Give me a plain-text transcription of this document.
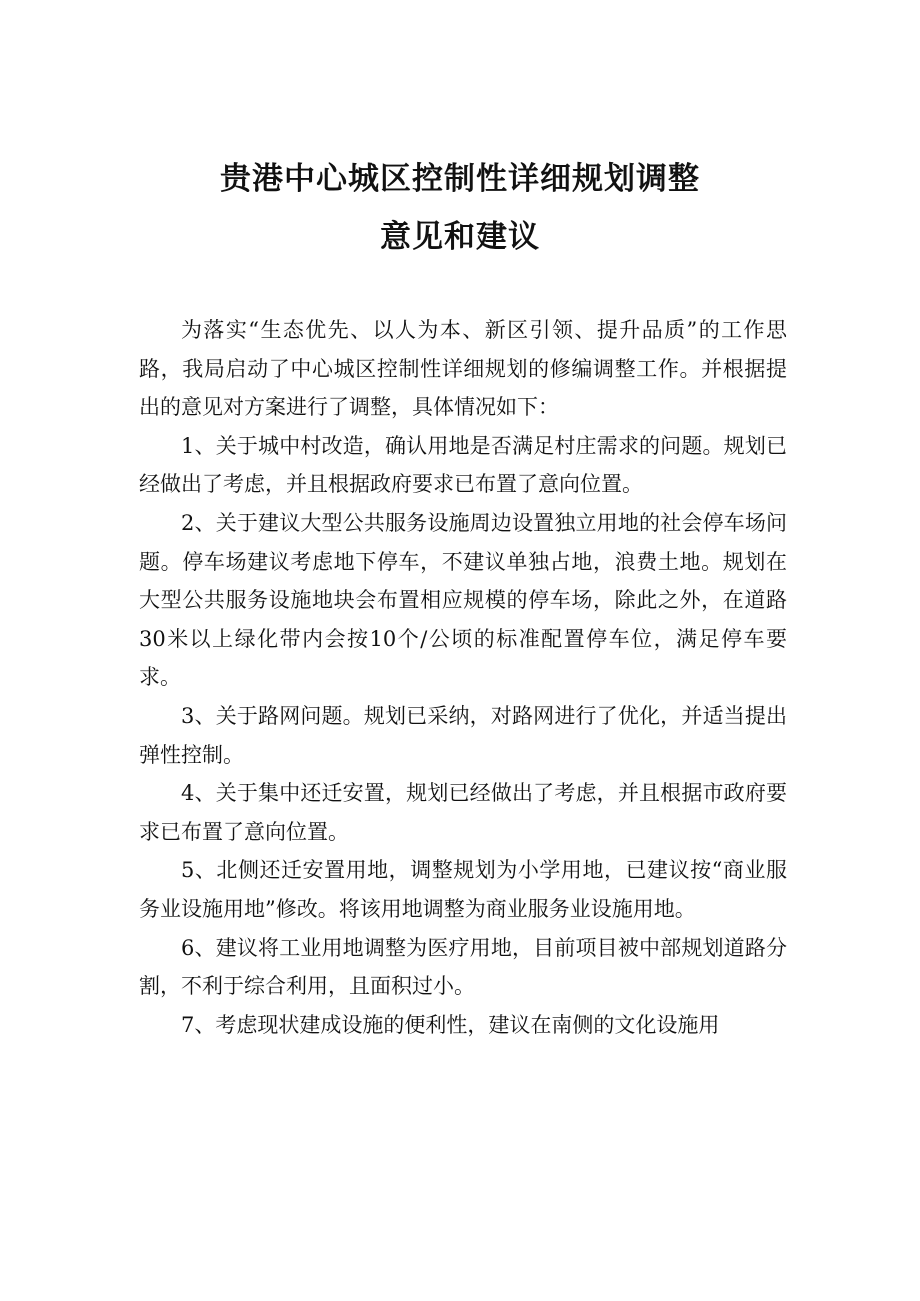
贵港中心城区控制性详细规划调整
意见和建议

为落实“生态优先、以人为本、新区引领、提升品质”的工作思路，我局启动了中心城区控制性详细规划的修编调整工作。并根据提出的意见对方案进行了调整，具体情况如下：

1、关于城中村改造，确认用地是否满足村庄需求的问题。规划已经做出了考虑，并且根据政府要求已布置了意向位置。

2、关于建议大型公共服务设施周边设置独立用地的社会停车场问题。停车场建议考虑地下停车，不建议单独占地，浪费土地。规划在大型公共服务设施地块会布置相应规模的停车场，除此之外，在道路30米以上绿化带内会按10个/公顷的标准配置停车位，满足停车要求。

3、关于路网问题。规划已采纳，对路网进行了优化，并适当提出弹性控制。

4、关于集中还迁安置，规划已经做出了考虑，并且根据市政府要求已布置了意向位置。

5、北侧还迁安置用地，调整规划为小学用地，已建议按“商业服务业设施用地”修改。将该用地调整为商业服务业设施用地。

6、建议将工业用地调整为医疗用地，目前项目被中部规划道路分割，不利于综合利用，且面积过小。

7、考虑现状建成设施的便利性，建议在南侧的文化设施用
